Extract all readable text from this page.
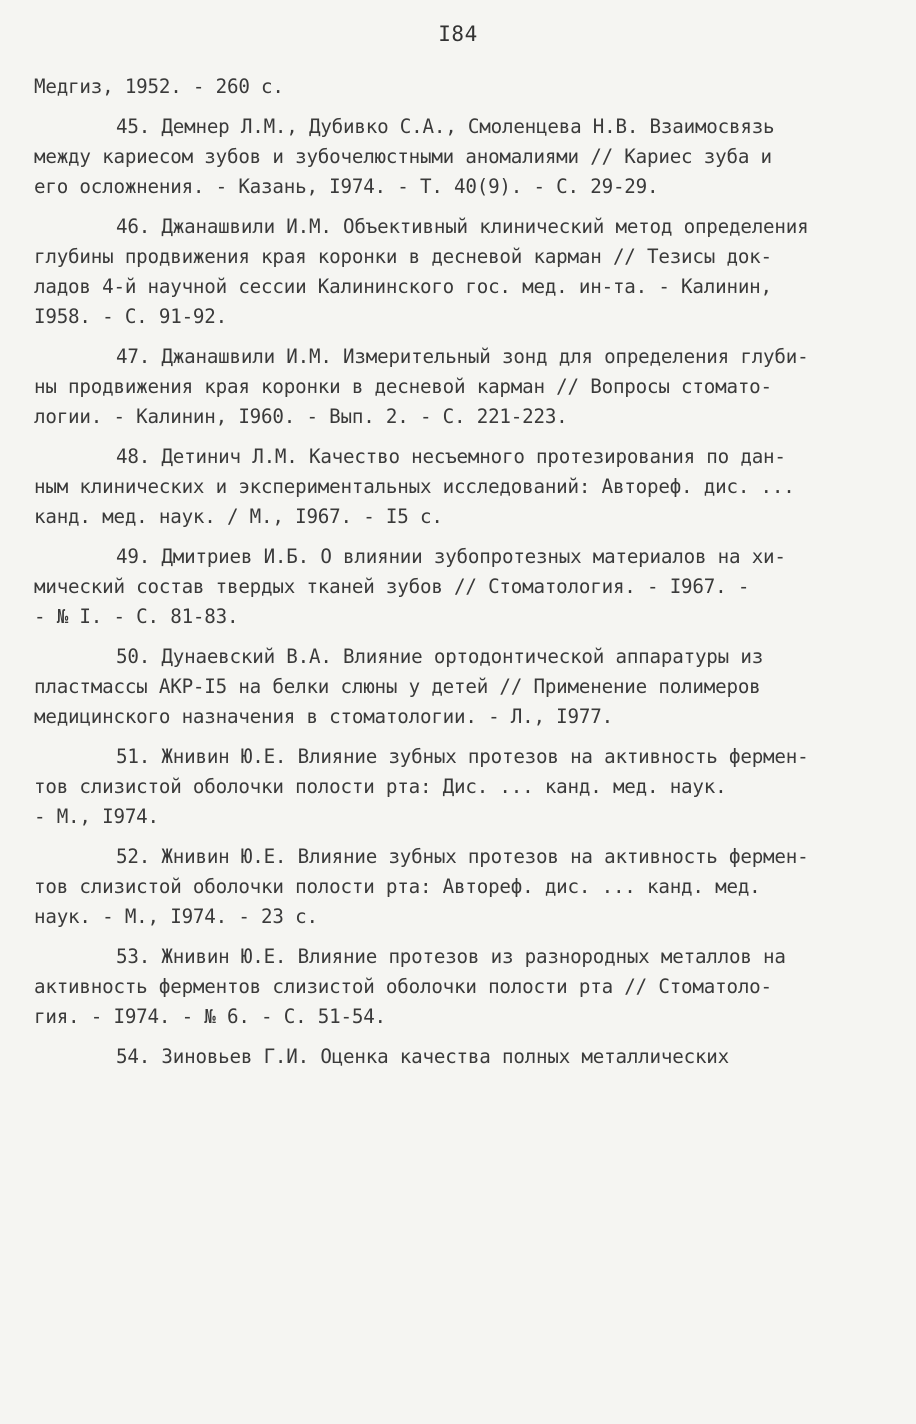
I84
Медгиз, 1952. - 260 с.
45. Демнер Л.М., Дубивко С.А., Смоленцева Н.В. Взаимосвязь
между кариесом зубов и зубочелюстными аномалиями // Кариес зуба и
его осложнения. - Казань, I974. - Т. 40(9). - С. 29-29.
46. Джанашвили И.М. Объективный клинический метод определения
глубины продвижения края коронки в десневой карман // Тезисы док-
ладов 4-й научной сессии Калининского гос. мед. ин-та. - Калинин,
I958. - С. 91-92.
47. Джанашвили И.М. Измерительный зонд для определения глуби-
ны продвижения края коронки в десневой карман // Вопросы стомато-
логии. - Калинин, I960. - Вып. 2. - С. 221-223.
48. Детинич Л.М. Качество несъемного протезирования по дан-
ным клинических и экспериментальных исследований: Автореф. дис. ...
канд. мед. наук. / М., I967. - I5 с.
49. Дмитриев И.Б. О влиянии зубопротезных материалов на хи-
мический состав твердых тканей зубов // Стоматология. - I967. -
- № I. - С. 81-83.
50. Дунаевский В.А. Влияние ортодонтической аппаратуры из
пластмассы АКР-I5 на белки слюны у детей // Применение полимеров
медицинского назначения в стоматологии. - Л., I977.
51. Жнивин Ю.Е. Влияние зубных протезов на активность фермен-
тов слизистой оболочки полости рта: Дис. ... канд. мед. наук.
- М., I974.
52. Жнивин Ю.Е. Влияние зубных протезов на активность фермен-
тов слизистой оболочки полости рта: Автореф. дис. ... канд. мед.
наук. - М., I974. - 23 с.
53. Жнивин Ю.Е. Влияние протезов из разнородных металлов на
активность ферментов слизистой оболочки полости рта // Стоматоло-
гия. - I974. - № 6. - С. 51-54.
54. Зиновьев Г.И. Оценка качества полных металлических
